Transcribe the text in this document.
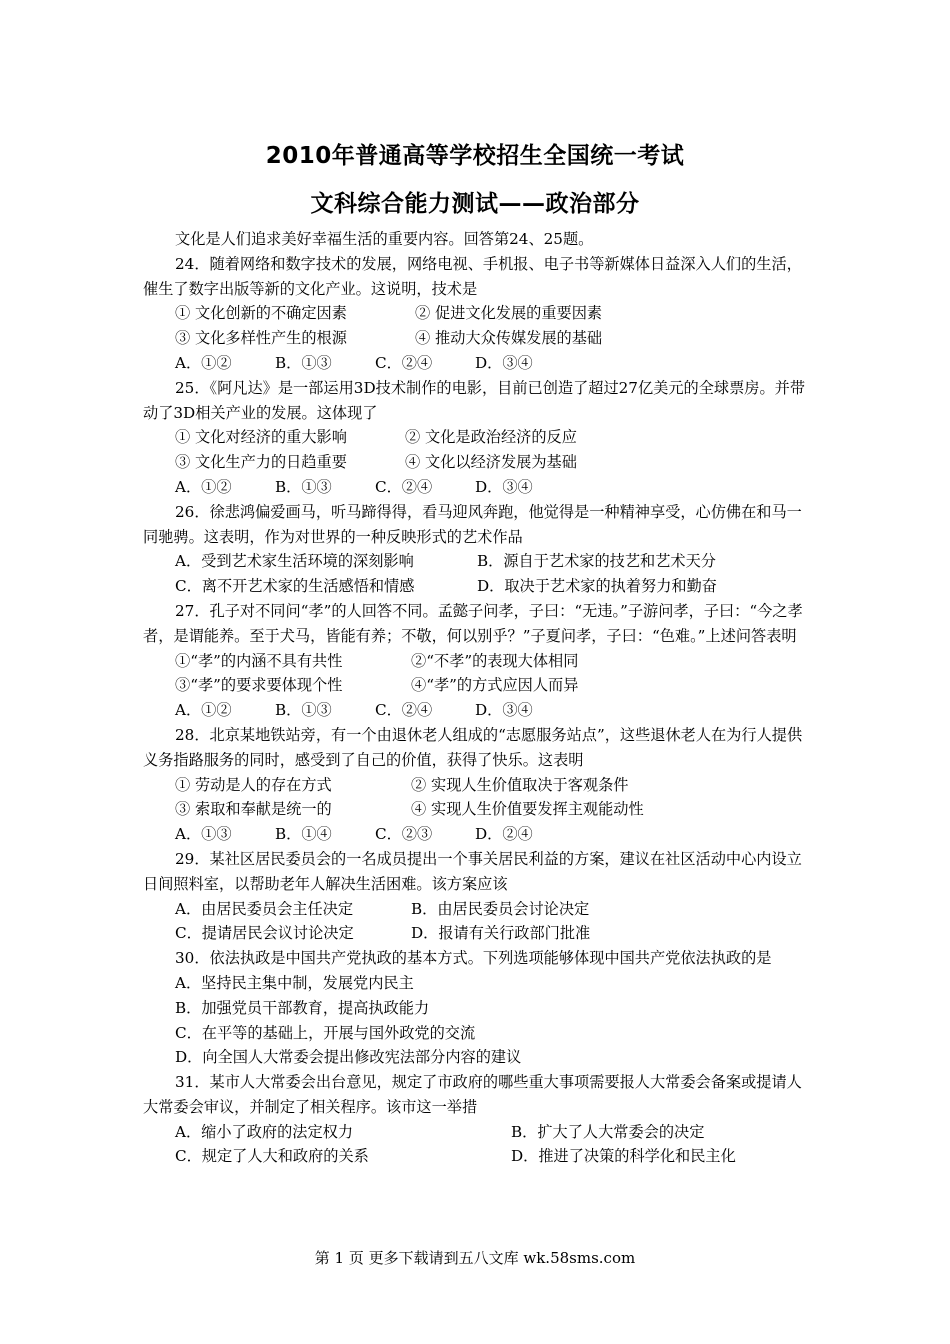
2010年普通高等学校招生全国统一考试
文科综合能力测试——政治部分

文化是人们追求美好幸福生活的重要内容。回答第24、25题。

24．随着网络和数字技术的发展，网络电视、手机报、电子书等新媒体日益深入人们的生活，催生了数字出版等新的文化产业。这说明，技术是

① 文化创新的不确定因素	② 促进文化发展的重要因素
③ 文化多样性产生的根源	④ 推动大众传媒发展的基础
A．①②	B．①③	C．②④	D．③④

25．《阿凡达》是一部运用3D技术制作的电影，目前已创造了超过27亿美元的全球票房。并带动了3D相关产业的发展。这体现了

① 文化对经济的重大影响	② 文化是政治经济的反应
③ 文化生产力的日趋重要	④ 文化以经济发展为基础
A．①②	B．①③	C．②④	D．③④

26．徐悲鸿偏爱画马，听马蹄得得，看马迎风奔跑，他觉得是一种精神享受，心仿佛在和马一同驰骋。这表明，作为对世界的一种反映形式的艺术作品

A．受到艺术家生活环境的深刻影响	B．源自于艺术家的技艺和艺术天分
C．离不开艺术家的生活感悟和情感	D．取决于艺术家的执着努力和勤奋

27．孔子对不同问“孝”的人回答不同。孟懿子问孝，子曰：“无违。”子游问孝，子曰：“今之孝者，是谓能养。至于犬马，皆能有养；不敬，何以别乎？”子夏问孝，子曰：“色难。”上述问答表明

①“孝”的内涵不具有共性	②“不孝”的表现大体相同
③“孝”的要求要体现个性	④“孝”的方式应因人而异
A．①②	B．①③	C．②④	D．③④

28．北京某地铁站旁，有一个由退休老人组成的“志愿服务站点”，这些退休老人在为行人提供义务指路服务的同时，感受到了自己的价值，获得了快乐。这表明

① 劳动是人的存在方式	② 实现人生价值取决于客观条件
③ 索取和奉献是统一的	④ 实现人生价值要发挥主观能动性
A．①③	B．①④	C．②③	D．②④

29．某社区居民委员会的一名成员提出一个事关居民利益的方案，建议在社区活动中心内设立日间照料室，以帮助老年人解决生活困难。该方案应该

A．由居民委员会主任决定	B．由居民委员会讨论决定
C．提请居民会议讨论决定	D．报请有关行政部门批准

30．依法执政是中国共产党执政的基本方式。下列选项能够体现中国共产党依法执政的是

A．坚持民主集中制，发展党内民主
B．加强党员干部教育，提高执政能力
C．在平等的基础上，开展与国外政党的交流
D．向全国人大常委会提出修改宪法部分内容的建议

31．某市人大常委会出台意见，规定了市政府的哪些重大事项需要报人大常委会备案或提请人大常委会审议，并制定了相关程序。该市这一举措

A．缩小了政府的法定权力	B．扩大了人大常委会的决定
C．规定了人大和政府的关系	D．推进了决策的科学化和民主化
第 1 页 更多下载请到五八文库 wk.58sms.com
